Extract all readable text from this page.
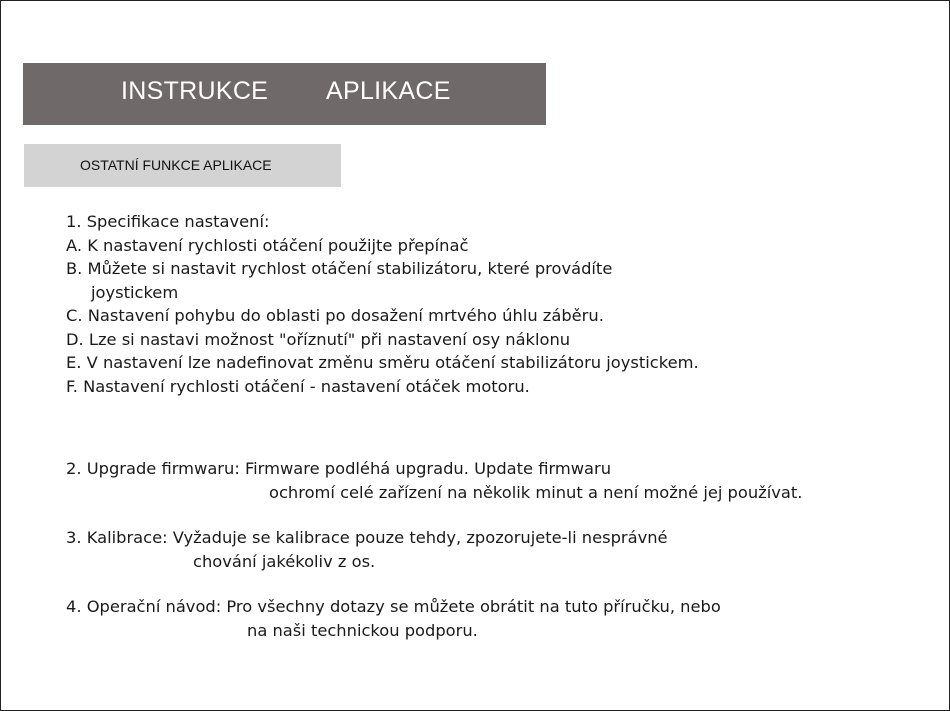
INSTRUKCE APLIKACE
OSTATNÍ FUNKCE APLIKACE
1. Specifikace nastavení:
A. K nastavení rychlosti otáčení použijte přepínač
B. Můžete si nastavit rychlost otáčení stabilizátoru, které provádíte
joystickem
C. Nastavení pohybu do oblasti po dosažení mrtvého úhlu záběru.
D. Lze si nastavi možnost "oříznutí" při nastavení osy náklonu
E. V nastavení lze nadefinovat změnu směru otáčení stabilizátoru joystickem.
F. Nastavení rychlosti otáčení - nastavení otáček motoru.
2. Upgrade firmwaru: Firmware podléhá upgradu. Update firmwaru
ochromí celé zařízení na několik minut a není možné jej používat.
3. Kalibrace: Vyžaduje se kalibrace pouze tehdy, zpozorujete-li nesprávné
chování jakékoliv z os.
4. Operační návod: Pro všechny dotazy se můžete obrátit na tuto příručku, nebo
na naši technickou podporu.
